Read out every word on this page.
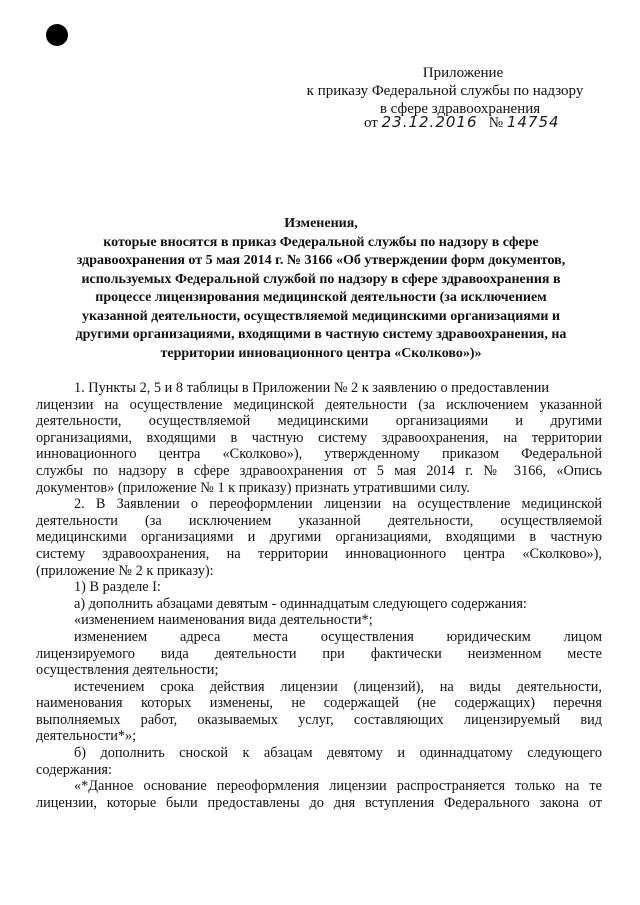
Приложение
к приказу Федеральной службы по надзору
в сфере здравоохранения
от 23.12.2016 № 14754
Изменения,
которые вносятся в приказ Федеральной службы по надзору в сфере
здравоохранения от 5 мая 2014 г. № 3166 «Об утверждении форм документов,
используемых Федеральной службой по надзору в сфере здравоохранения в
процессе лицензирования медицинской деятельности (за исключением
указанной деятельности, осуществляемой медицинскими организациями и
другими организациями, входящими в частную систему здравоохранения, на
территории инновационного центра «Сколково»)»
1. Пункты 2, 5 и 8 таблицы в Приложении № 2 к заявлению о предоставлении
лицензии на осуществление медицинской деятельности (за исключением указанной
деятельности, осуществляемой медицинскими организациями и другими
организациями, входящими в частную систему здравоохранения, на территории
инновационного центра «Сколково»), утвержденному приказом Федеральной
службы по надзору в сфере здравоохранения от 5 мая 2014 г. № 3166, «Опись
документов» (приложение № 1 к приказу) признать утратившими силу.
2. В Заявлении о переоформлении лицензии на осуществление медицинской
деятельности (за исключением указанной деятельности, осуществляемой
медицинскими организациями и другими организациями, входящими в частную
систему здравоохранения, на территории инновационного центра «Сколково»),
(приложение № 2 к приказу):
1) В разделе I:
а) дополнить абзацами девятым - одиннадцатым следующего содержания:
«изменением наименования вида деятельности*;
изменением адреса места осуществления юридическим лицом
лицензируемого вида деятельности при фактически неизменном месте
осуществления деятельности;
истечением срока действия лицензии (лицензий), на виды деятельности,
наименования которых изменены, не содержащей (не содержащих) перечня
выполняемых работ, оказываемых услуг, составляющих лицензируемый вид
деятельности*»;
б) дополнить сноской к абзацам девятому и одиннадцатому следующего
содержания:
«*Данное основание переоформления лицензии распространяется только на те
лицензии, которые были предоставлены до дня вступления Федерального закона от
